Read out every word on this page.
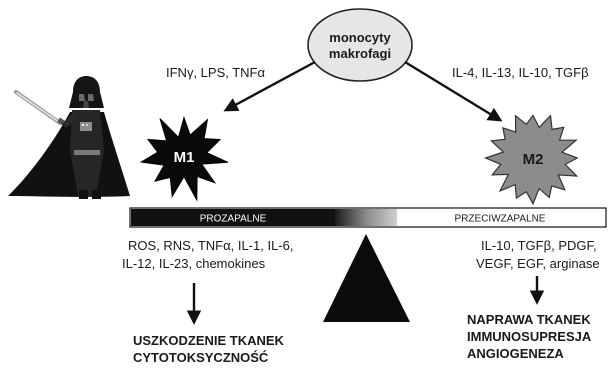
monocyty
makrofagi
IFNγ, LPS, TNFα	IL-4, IL-13, IL-10, TGFβ
M1	M2
PROZAPALNE	PRZECIWZAPALNE
ROS, RNS, TNFα, IL-1, IL-6,
IL-12, IL-23, chemokines
IL-10, TGFβ, PDGF,
VEGF, EGF, arginase
USZKODZENIE TKANEK
CYTOTOKSYCZNOŚĆ
NAPRAWA TKANEK
IMMUNOSUPRESJA
ANGIOGENEZA
